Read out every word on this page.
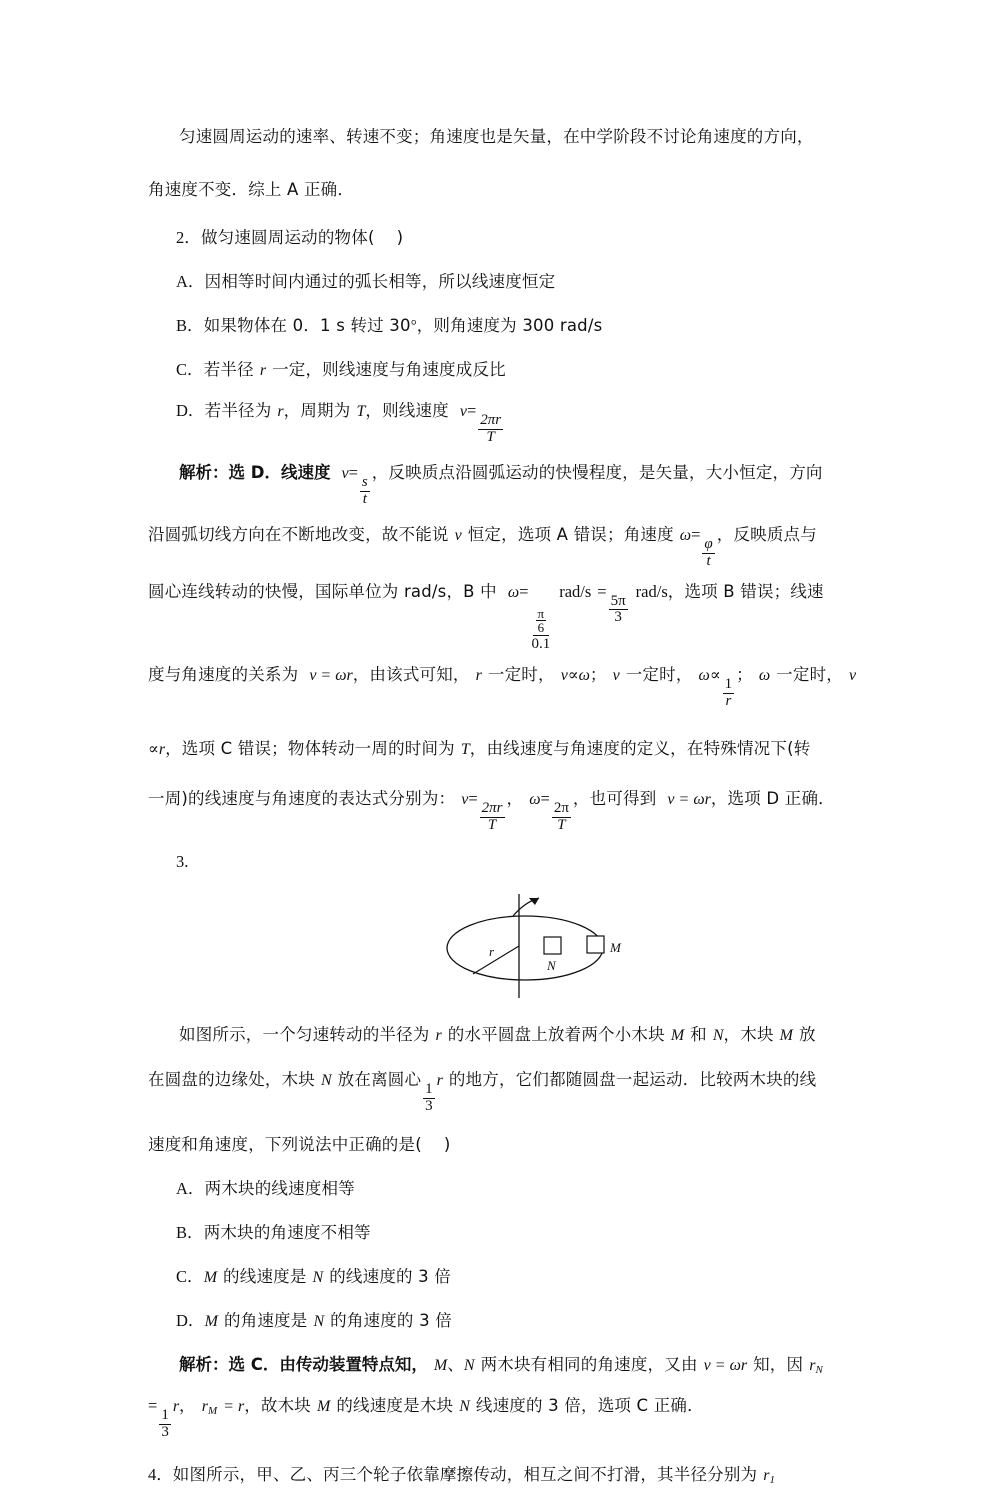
匀速圆周运动的速率、转速不变；角速度也是矢量，在中学阶段不讨论角速度的方向，
角速度不变．综上 A 正确．
2．做匀速圆周运动的物体( )
A．因相等时间内通过的弧长相等，所以线速度恒定
B．如果物体在 0．1 s 转过 30°，则角速度为 300 rad/s
C．若半径 r 一定，则线速度与角速度成反比
D．若半径为 r，周期为 T，则线速度 v=
$\frac{2\pi r}{T}$
解析：选 D．线速度 v=
$\frac{s}{t}$
，反映质点沿圆弧运动的快慢程度，是矢量，大小恒定，方向
沿圆弧切线方向在不断地改变，故不能说 v 恒定，选项 A 错误；角速度 ω=
$\frac{\varphi}{t}$
，反映质点与
圆心连线转动的快慢，国际单位为 rad/s，B 中 ω=
$\frac{\frac{\pi}{6}}{0.1}$
rad/s =
$\frac{5\pi}{3}$
rad/s，选项 B 错误；线速
度与角速度的关系为 v = ωr，由该式可知， r 一定时， v∝ω； v 一定时， ω∝
$\frac{1}{r}$
； ω 一定时， v
∝r，选项 C 错误；物体转动一周的时间为 T，由线速度与角速度的定义，在特殊情况下(转
一周)的线速度与角速度的表达式分别为： v=
$\frac{2\pi r}{T}$
， ω=
$\frac{2\pi}{T}$
，也可得到 v = ωr，选项 D 正确．
3.
r
N
M
如图所示，一个匀速转动的半径为 r 的水平圆盘上放着两个小木块 M 和 N，木块 M 放
在圆盘的边缘处，木块 N 放在离圆心
$\frac{1}{3}$
r 的地方，它们都随圆盘一起运动．比较两木块的线
速度和角速度，下列说法中正确的是( )
A．两木块的线速度相等
B．两木块的角速度不相等
C．M 的线速度是 N 的线速度的 3 倍
D．M 的角速度是 N 的角速度的 3 倍
解析：选 C．由传动装置特点知， M、N 两木块有相同的角速度，又由 v = ωr 知，因 $r_N$
=
$\frac{1}{3}$
r， $r_M = r$，故木块 M 的线速度是木块 N 线速度的 3 倍，选项 C 正确．
4．如图所示，甲、乙、丙三个轮子依靠摩擦传动，相互之间不打滑，其半径分别为 $r_1$
